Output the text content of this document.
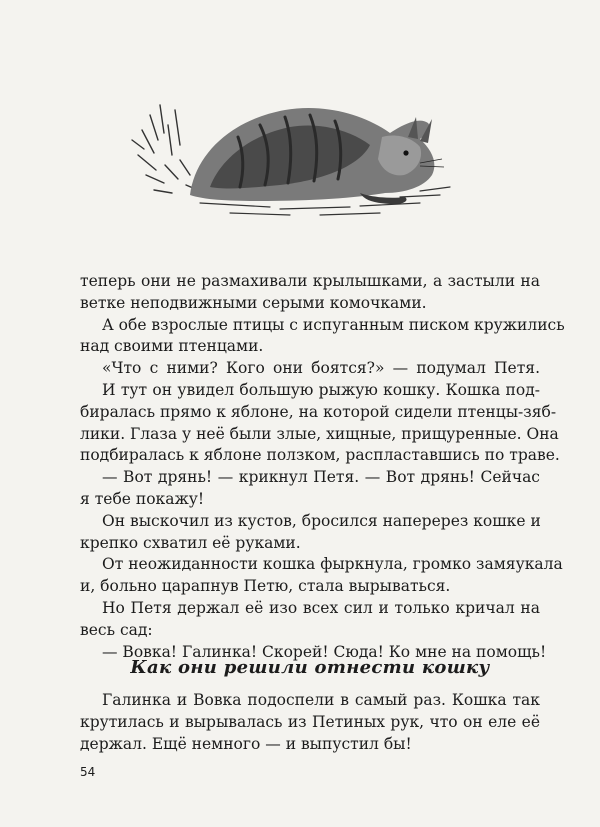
теперь они не размахивали крылышками, а застыли на
ветке неподвижными серыми комочками.
А обе взрослые птицы с испуганным писком кружились
над своими птенцами.
«Что с ними? Кого они боятся?» — подумал Петя.
И тут он увидел большую рыжую кошку. Кошка под-
биралась прямо к яблоне, на которой сидели птенцы-зяб-
лики. Глаза у неё были злые, хищные, прищуренные. Она
подбиралась к яблоне ползком, распластавшись по траве.
— Вот дрянь! — крикнул Петя. — Вот дрянь! Сейчас
я тебе покажу!
Он выскочил из кустов, бросился наперерез кошке и
крепко схватил её руками.
От неожиданности кошка фыркнула, громко замяукала
и, больно царапнув Петю, стала вырываться.
Но Петя держал её изо всех сил и только кричал на
весь сад:
— Вовка! Галинка! Скорей! Сюда! Ко мне на помощь!
Как они решили отнести кошку
Галинка и Вовка подоспели в самый раз. Кошка так
крутилась и вырывалась из Петиных рук, что он еле её
держал. Ещё немного — и выпустил бы!
54
